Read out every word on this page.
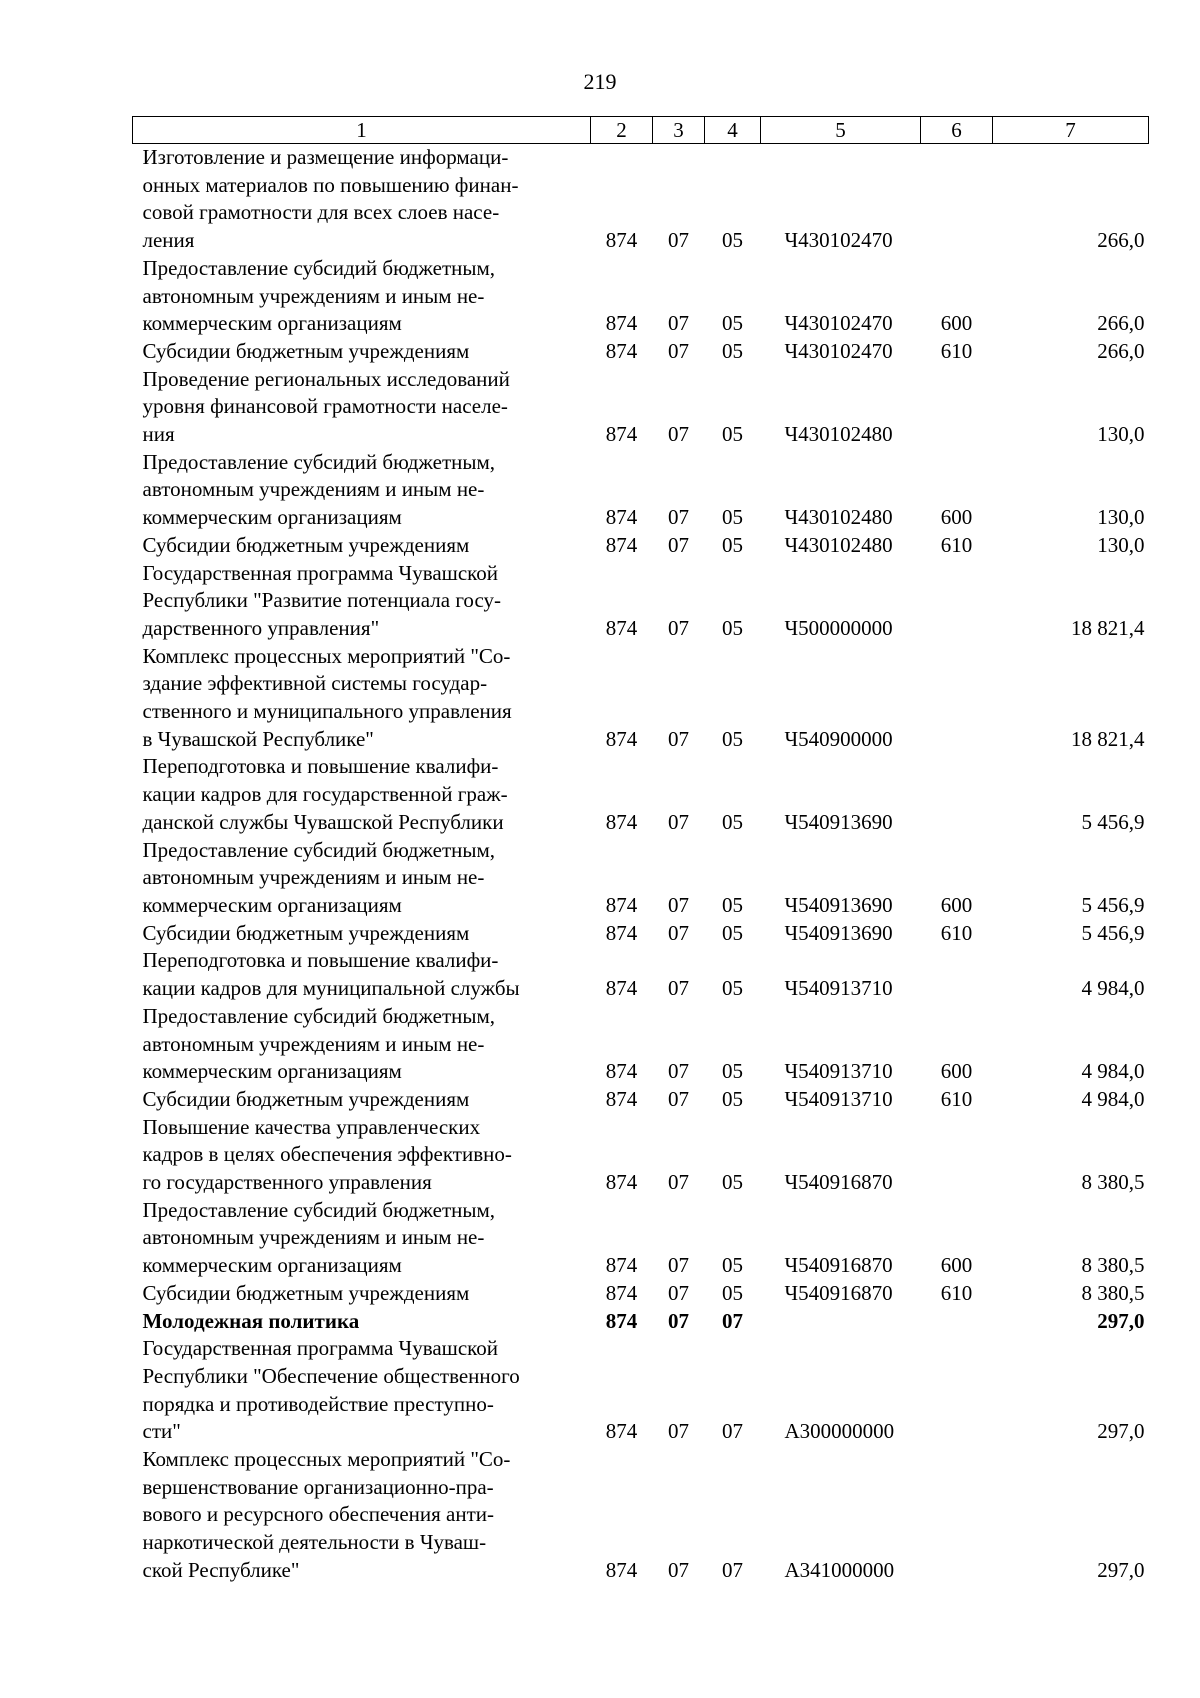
219
1	2	3	4	5	6	7
Изготовление и размещение информаци-
онных материалов по повышению финан-
совой грамотности для всех слоев насе-
ления	874	07	05	Ч430102470		266,0
Предоставление субсидий бюджетным,
автономным учреждениям и иным не-
коммерческим организациям	874	07	05	Ч430102470	600	266,0
Субсидии бюджетным учреждениям	874	07	05	Ч430102470	610	266,0
Проведение региональных исследований
уровня финансовой грамотности населе-
ния	874	07	05	Ч430102480		130,0
Предоставление субсидий бюджетным,
автономным учреждениям и иным не-
коммерческим организациям	874	07	05	Ч430102480	600	130,0
Субсидии бюджетным учреждениям	874	07	05	Ч430102480	610	130,0
Государственная программа Чувашской
Республики "Развитие потенциала госу-
дарственного управления"	874	07	05	Ч500000000		18 821,4
Комплекс процессных мероприятий "Со-
здание эффективной системы государ-
ственного и муниципального управления
в Чувашской Республике"	874	07	05	Ч540900000		18 821,4
Переподготовка и повышение квалифи-
кации кадров для государственной граж-
данской службы Чувашской Республики	874	07	05	Ч540913690		5 456,9
Предоставление субсидий бюджетным,
автономным учреждениям и иным не-
коммерческим организациям	874	07	05	Ч540913690	600	5 456,9
Субсидии бюджетным учреждениям	874	07	05	Ч540913690	610	5 456,9
Переподготовка и повышение квалифи-
кации кадров для муниципальной службы	874	07	05	Ч540913710		4 984,0
Предоставление субсидий бюджетным,
автономным учреждениям и иным не-
коммерческим организациям	874	07	05	Ч540913710	600	4 984,0
Субсидии бюджетным учреждениям	874	07	05	Ч540913710	610	4 984,0
Повышение качества управленческих
кадров в целях обеспечения эффективно-
го государственного управления	874	07	05	Ч540916870		8 380,5
Предоставление субсидий бюджетным,
автономным учреждениям и иным не-
коммерческим организациям	874	07	05	Ч540916870	600	8 380,5
Субсидии бюджетным учреждениям	874	07	05	Ч540916870	610	8 380,5
Молодежная политика	874	07	07			297,0
Государственная программа Чувашской
Республики "Обеспечение общественного
порядка и противодействие преступно-
сти"	874	07	07	А300000000		297,0
Комплекс процессных мероприятий "Со-
вершенствование организационно-пра-
вового и ресурсного обеспечения анти-
наркотической деятельности в Чуваш-
ской Республике"	874	07	07	А341000000		297,0
